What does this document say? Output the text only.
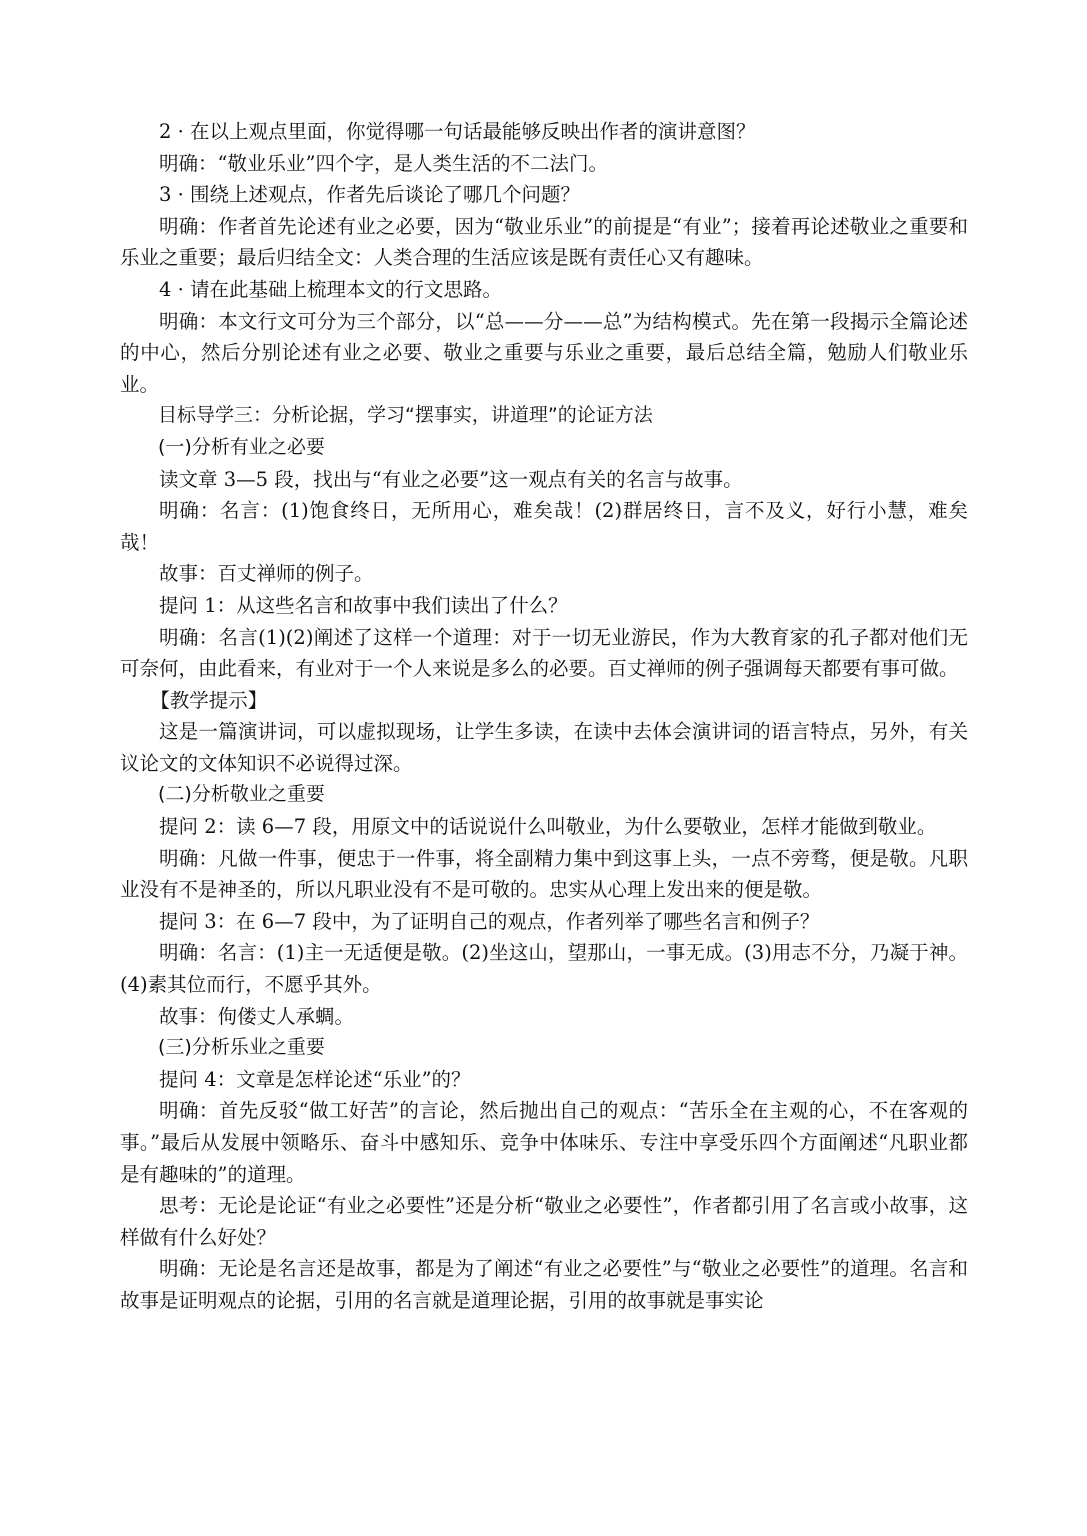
2 · 在以上观点里面，你觉得哪一句话最能够反映出作者的演讲意图？

明确：“敬业乐业”四个字，是人类生活的不二法门。

3 · 围绕上述观点，作者先后谈论了哪几个问题？

明确：作者首先论述有业之必要，因为“敬业乐业”的前提是“有业”；接着再论述敬业之重要和乐业之重要；最后归结全文：人类合理的生活应该是既有责任心又有趣味。

4 · 请在此基础上梳理本文的行文思路。

明确：本文行文可分为三个部分，以“总——分——总”为结构模式。先在第一段揭示全篇论述的中心，然后分别论述有业之必要、敬业之重要与乐业之重要，最后总结全篇，勉励人们敬业乐业。

目标导学三：分析论据，学习“摆事实，讲道理”的论证方法

(一)分析有业之必要

读文章 3—5 段，找出与“有业之必要”这一观点有关的名言与故事。

明确：名言：(1)饱食终日，无所用心，难矣哉！(2)群居终日，言不及义，好行小慧，难矣哉！

故事：百丈禅师的例子。

提问 1：从这些名言和故事中我们读出了什么？

明确：名言(1)(2)阐述了这样一个道理：对于一切无业游民，作为大教育家的孔子都对他们无可奈何，由此看来，有业对于一个人来说是多么的必要。百丈禅师的例子强调每天都要有事可做。

【教学提示】

这是一篇演讲词，可以虚拟现场，让学生多读，在读中去体会演讲词的语言特点，另外，有关议论文的文体知识不必说得过深。

(二)分析敬业之重要

提问 2：读 6—7 段，用原文中的话说说什么叫敬业，为什么要敬业，怎样才能做到敬业。

明确：凡做一件事，便忠于一件事，将全副精力集中到这事上头，一点不旁骛，便是敬。凡职业没有不是神圣的，所以凡职业没有不是可敬的。忠实从心理上发出来的便是敬。

提问 3：在 6—7 段中，为了证明自己的观点，作者列举了哪些名言和例子？

明确：名言：(1)主一无适便是敬。(2)坐这山，望那山，一事无成。(3)用志不分，乃凝于神。(4)素其位而行，不愿乎其外。

故事：佝偻丈人承蜩。

(三)分析乐业之重要

提问 4：文章是怎样论述“乐业”的？

明确：首先反驳“做工好苦”的言论，然后抛出自己的观点：“苦乐全在主观的心，不在客观的事。”最后从发展中领略乐、奋斗中感知乐、竞争中体味乐、专注中享受乐四个方面阐述“凡职业都是有趣味的”的道理。

思考：无论是论证“有业之必要性”还是分析“敬业之必要性”，作者都引用了名言或小故事，这样做有什么好处？

明确：无论是名言还是故事，都是为了阐述“有业之必要性”与“敬业之必要性”的道理。名言和故事是证明观点的论据，引用的名言就是道理论据，引用的故事就是事实论
